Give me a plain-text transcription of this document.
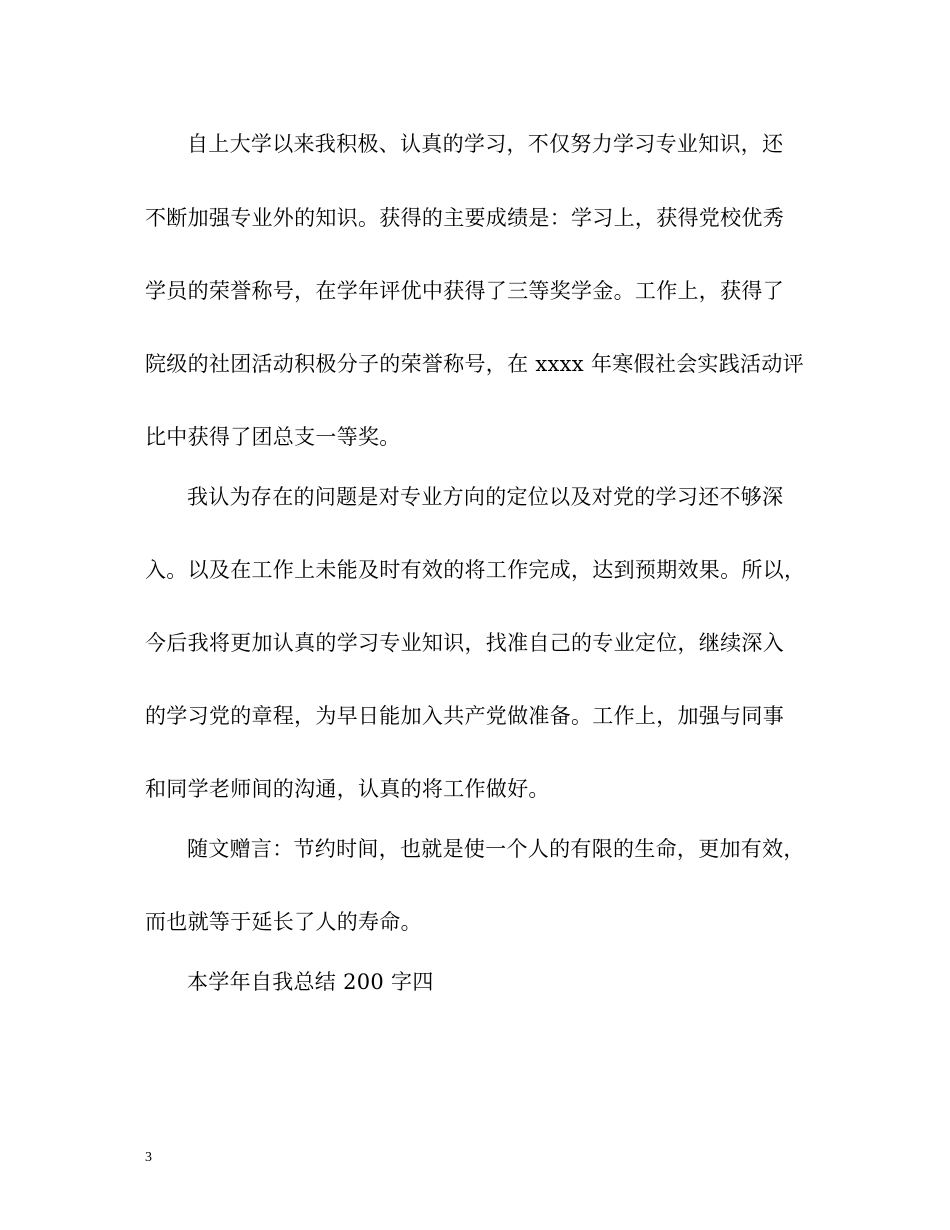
自上大学以来我积极、认真的学习，不仅努力学习专业知识，还
不断加强专业外的知识。获得的主要成绩是：学习上，获得党校优秀
学员的荣誉称号，在学年评优中获得了三等奖学金。工作上，获得了
院级的社团活动积极分子的荣誉称号，在 xxxx 年寒假社会实践活动评
比中获得了团总支一等奖。
我认为存在的问题是对专业方向的定位以及对党的学习还不够深
入。以及在工作上未能及时有效的将工作完成，达到预期效果。所以，
今后我将更加认真的学习专业知识，找准自己的专业定位，继续深入
的学习党的章程，为早日能加入共产党做准备。工作上，加强与同事
和同学老师间的沟通，认真的将工作做好。
随文赠言：节约时间，也就是使一个人的有限的生命，更加有效，
而也就等于延长了人的寿命。
本学年自我总结 200 字四
3
